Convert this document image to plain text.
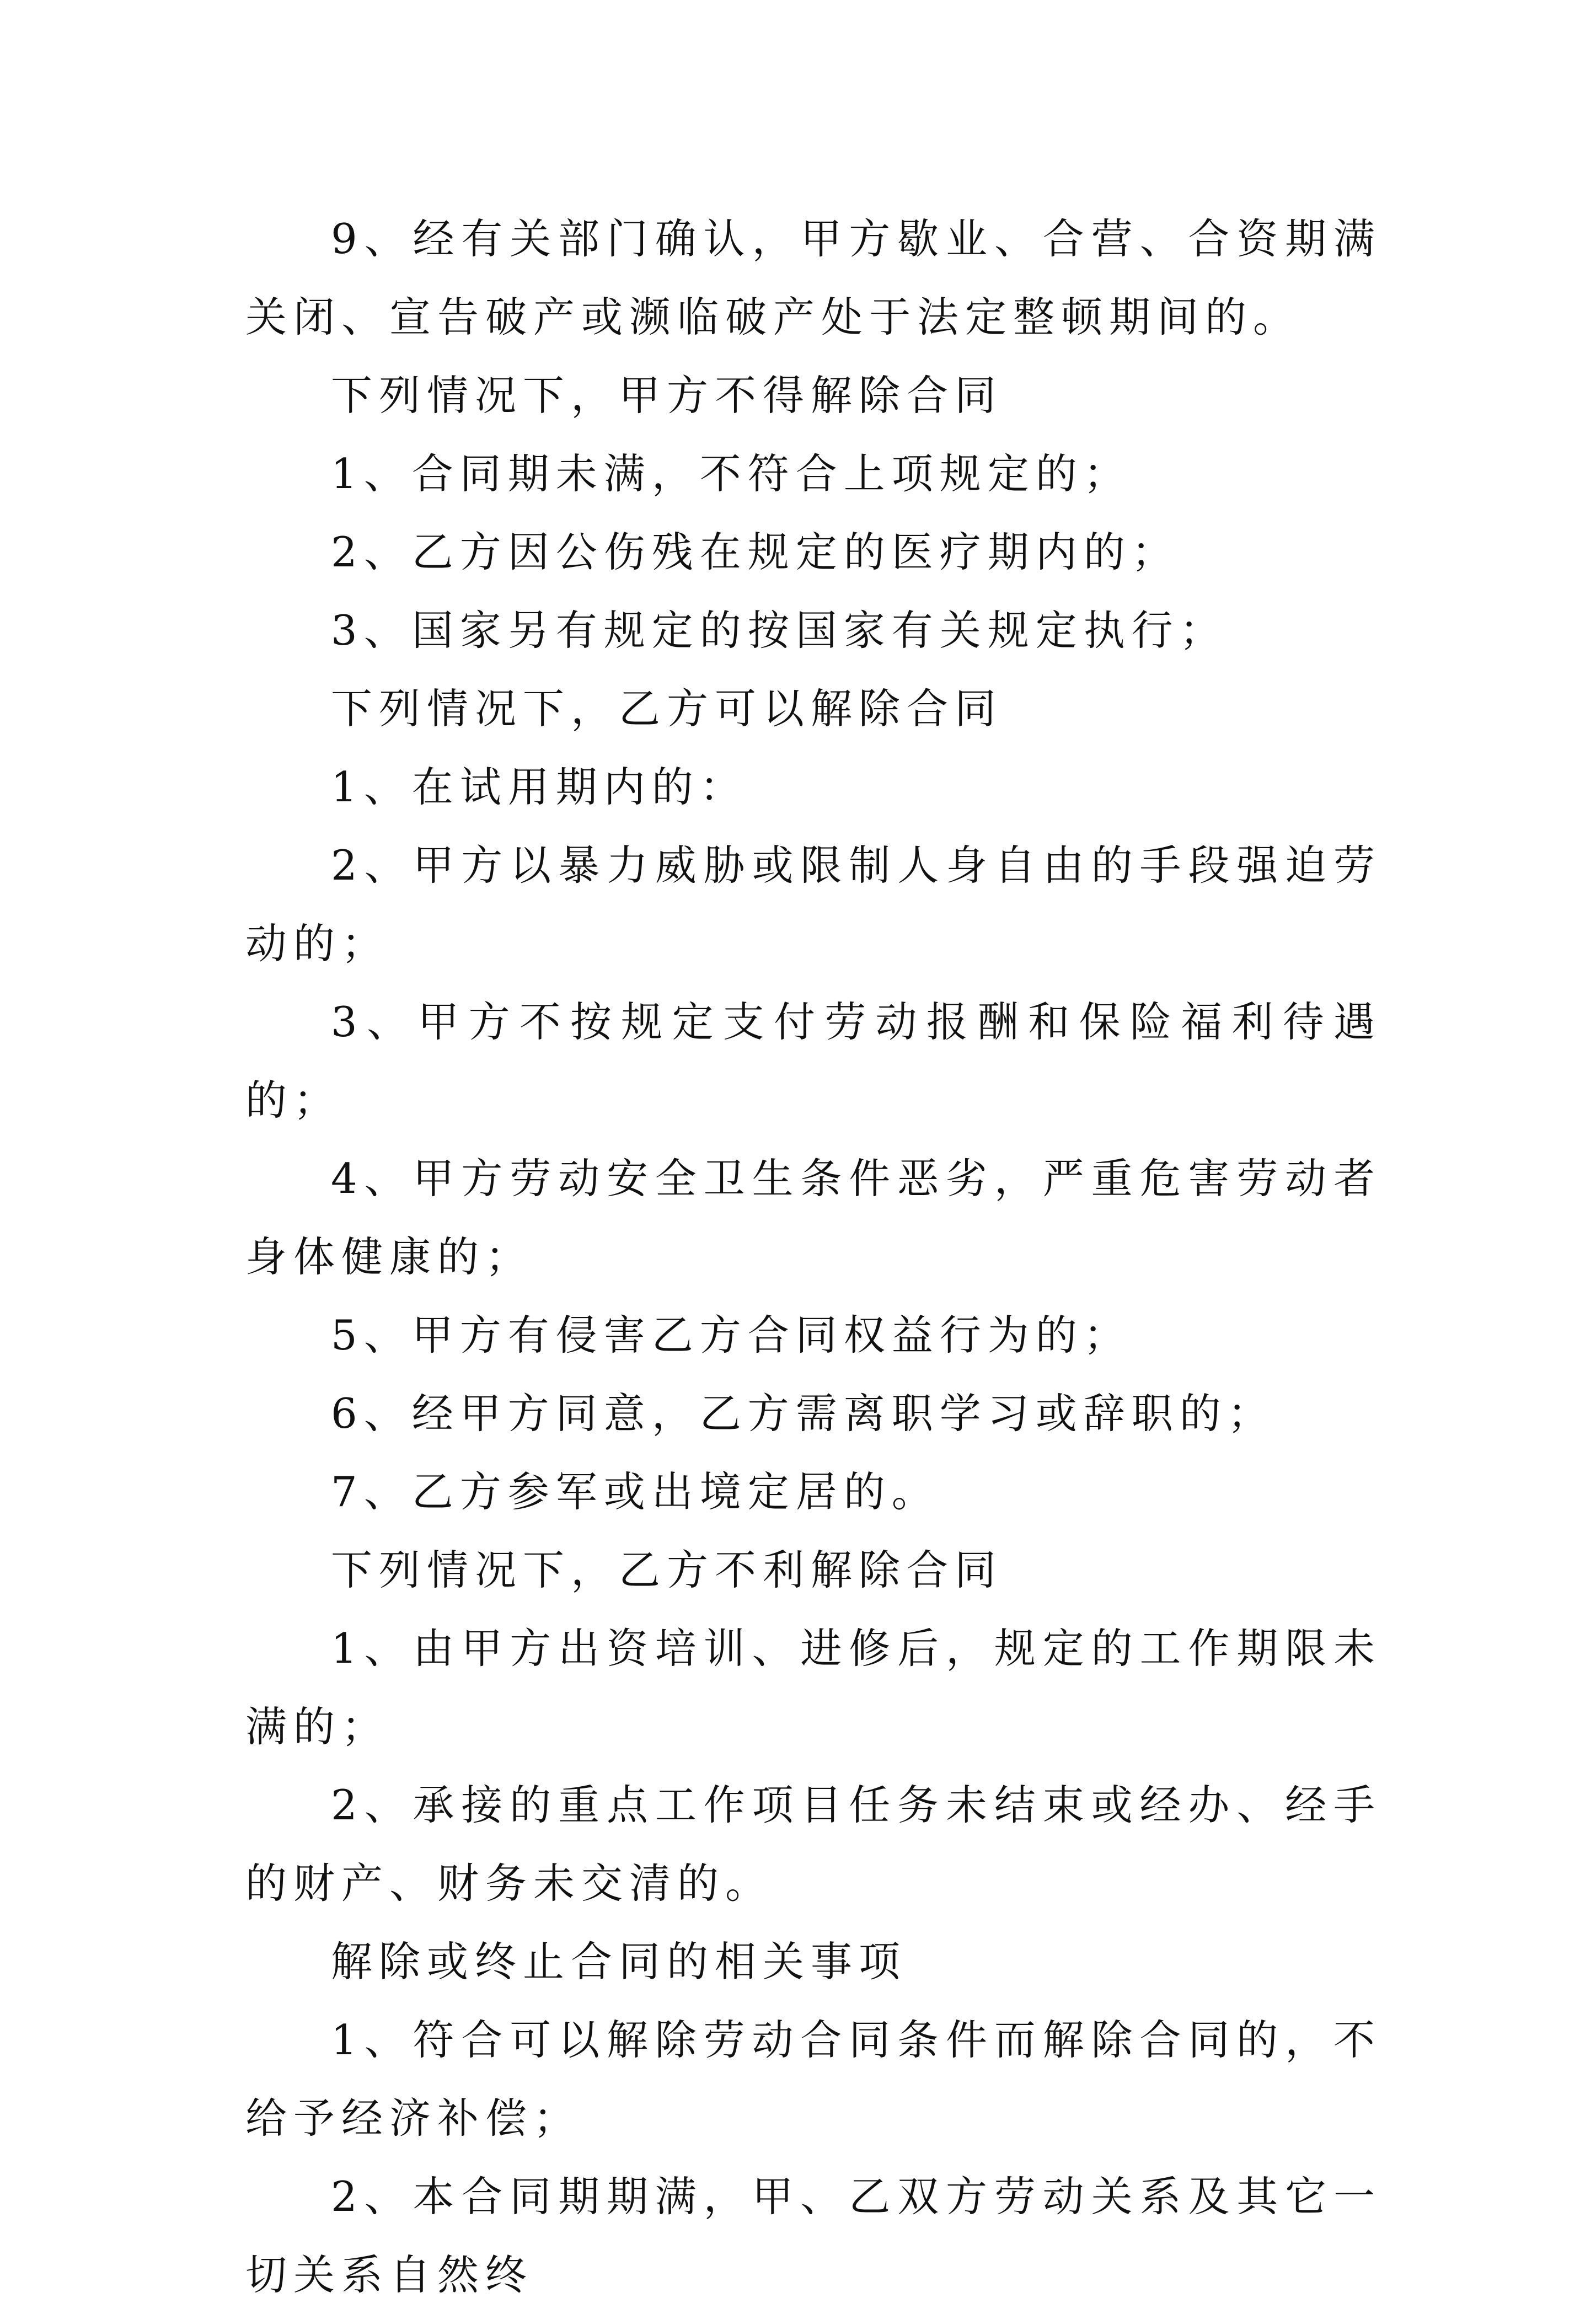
9、经有关部门确认，甲方歇业、合营、合资期满关闭、宣告破产或濒临破产处于法定整顿期间的。

下列情况下，甲方不得解除合同

1、合同期未满，不符合上项规定的；

2、乙方因公伤残在规定的医疗期内的；

3、国家另有规定的按国家有关规定执行；

下列情况下，乙方可以解除合同

1、在试用期内的：

2、甲方以暴力威胁或限制人身自由的手段强迫劳动的；

3、甲方不按规定支付劳动报酬和保险福利待遇的；

4、甲方劳动安全卫生条件恶劣，严重危害劳动者身体健康的；

5、甲方有侵害乙方合同权益行为的；

6、经甲方同意，乙方需离职学习或辞职的；

7、乙方参军或出境定居的。

下列情况下，乙方不利解除合同

1、由甲方出资培训、进修后，规定的工作期限未满的；

2、承接的重点工作项目任务未结束或经办、经手的财产、财务未交清的。

解除或终止合同的相关事项

1、符合可以解除劳动合同条件而解除合同的，不给予经济补偿；

2、本合同期期满，甲、乙双方劳动关系及其它一切关系自然终
